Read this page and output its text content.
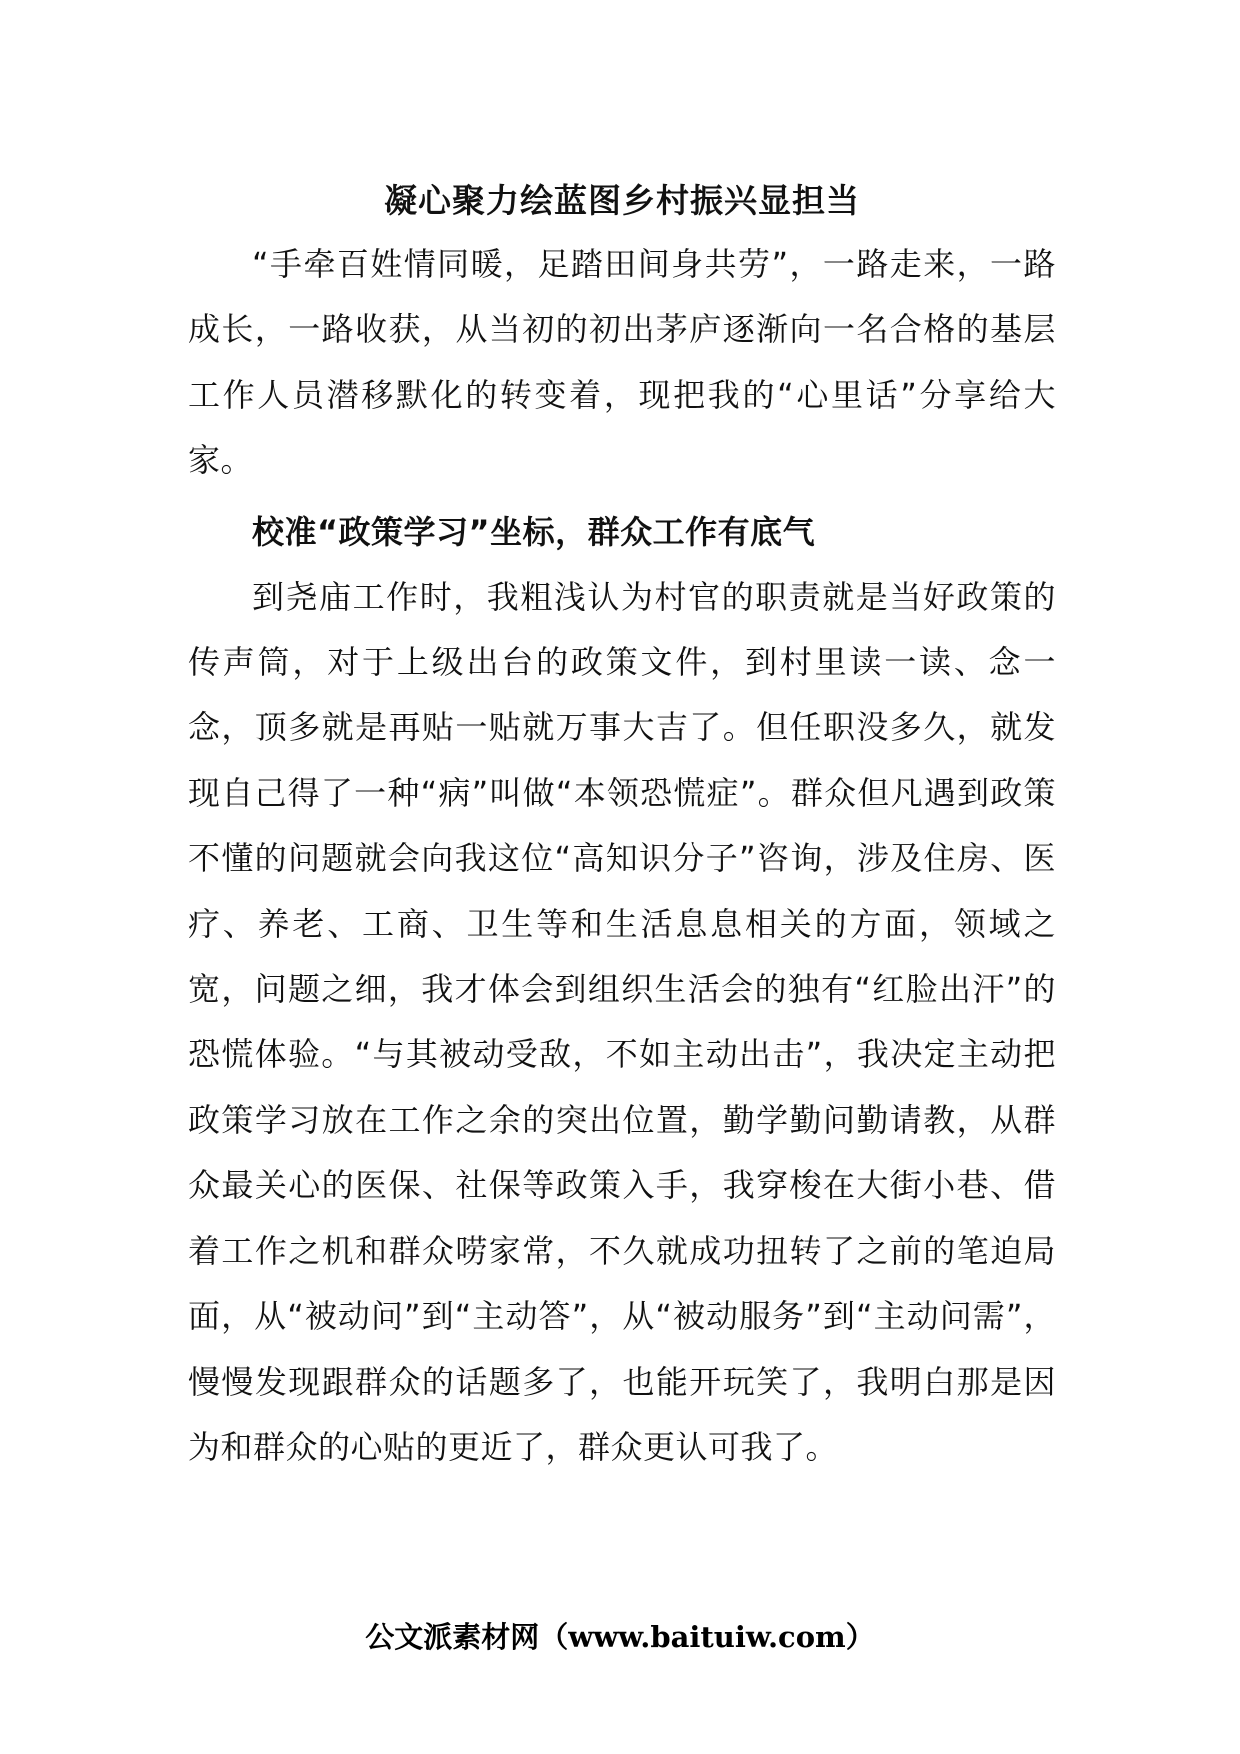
凝心聚力绘蓝图乡村振兴显担当

“手牵百姓情同暖，足踏田间身共劳”，一路走来，一路成长，一路收获，从当初的初出茅庐逐渐向一名合格的基层工作人员潜移默化的转变着，现把我的“心里话”分享给大家。

校准“政策学习”坐标，群众工作有底气

到尧庙工作时，我粗浅认为村官的职责就是当好政策的传声筒，对于上级出台的政策文件，到村里读一读、念一念，顶多就是再贴一贴就万事大吉了。但任职没多久，就发现自己得了一种“病”叫做“本领恐慌症”。群众但凡遇到政策不懂的问题就会向我这位“高知识分子”咨询，涉及住房、医疗、养老、工商、卫生等和生活息息相关的方面，领域之宽，问题之细，我才体会到组织生活会的独有“红脸出汗”的恐慌体验。“与其被动受敌，不如主动出击”，我决定主动把政策学习放在工作之余的突出位置，勤学勤问勤请教，从群众最关心的医保、社保等政策入手，我穿梭在大街小巷、借着工作之机和群众唠家常，不久就成功扭转了之前的笔迫局面，从“被动问”到“主动答”，从“被动服务”到“主动问需”，慢慢发现跟群众的话题多了，也能开玩笑了，我明白那是因为和群众的心贴的更近了，群众更认可我了。

公文派素材网（www.baituiw.com）
